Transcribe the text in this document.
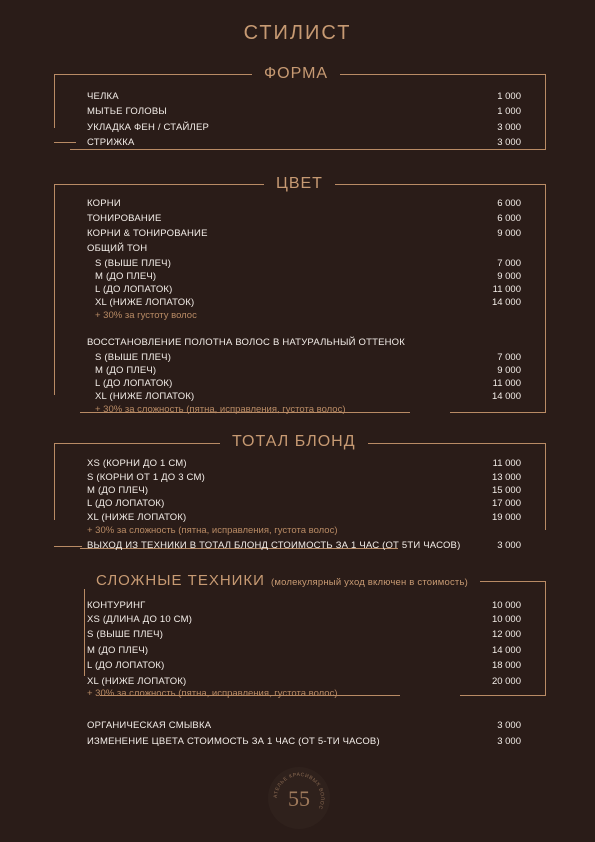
СТИЛИСТ
ФОРМА
ЧЕЛКА	1 000
МЫТЬЕ ГОЛОВЫ	1 000
УКЛАДКА ФЕН / СТАЙЛЕР	3 000
СТРИЖКА	3 000
ЦВЕТ
КОРНИ	6 000
ТОНИРОВАНИЕ	6 000
КОРНИ & ТОНИРОВАНИЕ	9 000
ОБЩИЙ ТОН
S (ВЫШЕ ПЛЕЧ)	7 000
M (ДО ПЛЕЧ)	9 000
L (ДО ЛОПАТОК)	11 000
XL (НИЖЕ ЛОПАТОК)	14 000
+ 30% за густоту волос
ВОССТАНОВЛЕНИЕ ПОЛОТНА ВОЛОС В НАТУРАЛЬНЫЙ ОТТЕНОК
S (ВЫШЕ ПЛЕЧ)	7 000
M (ДО ПЛЕЧ)	9 000
L (ДО ЛОПАТОК)	11 000
XL (НИЖЕ ЛОПАТОК)	14 000
+ 30% за сложность (пятна, исправления, густота волос)
ТОТАЛ БЛОНД
XS (КОРНИ ДО 1 СМ)	11 000
S (КОРНИ ОТ 1 ДО 3 СМ)	13 000
M (ДО ПЛЕЧ)	15 000
L (ДО ЛОПАТОК)	17 000
XL (НИЖЕ ЛОПАТОК)	19 000
+ 30% за сложность (пятна, исправления, густота волос)
ВЫХОД ИЗ ТЕХНИКИ В ТОТАЛ БЛОНД СТОИМОСТЬ ЗА 1 ЧАС (ОТ 5ТИ ЧАСОВ)	3 000
СЛОЖНЫЕ ТЕХНИКИ (молекулярный уход включен в стоимость)
КОНТУРИНГ	10 000
XS (ДЛИНА ДО 10 СМ)	10 000
S (ВЫШЕ ПЛЕЧ)	12 000
M (ДО ПЛЕЧ)	14 000
L (ДО ЛОПАТОК)	18 000
XL (НИЖЕ ЛОПАТОК)	20 000
+ 30% за сложность (пятна, исправления, густота волос)
ОРГАНИЧЕСКАЯ СМЫВКА	3 000
ИЗМЕНЕНИЕ ЦВЕТА СТОИМОСТЬ ЗА 1 ЧАС (ОТ 5-ТИ ЧАСОВ)	3 000
АТЕЛЬЕ КРАСИВЫХ ВОЛОС
55
